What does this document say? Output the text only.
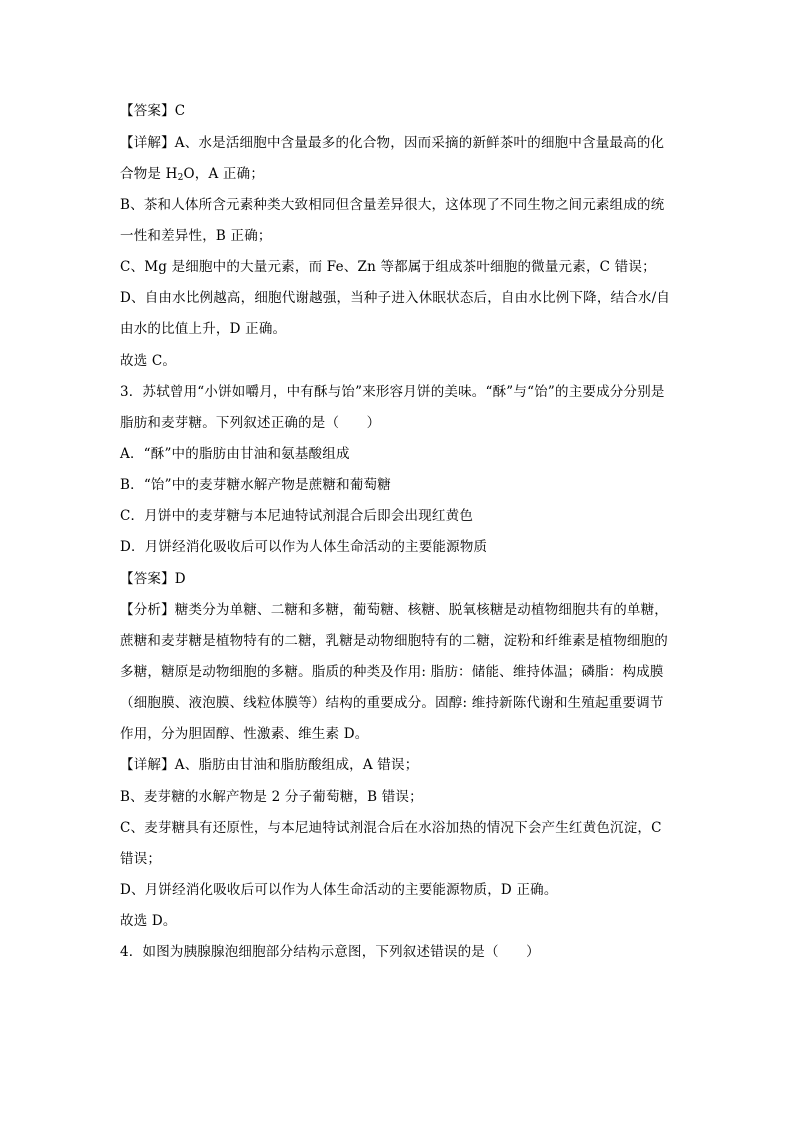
【答案】C
【详解】A、水是活细胞中含量最多的化合物，因而采摘的新鲜茶叶的细胞中含量最高的化
合物是 $H_2O$，A 正确；
B、茶和人体所含元素种类大致相同但含量差异很大，这体现了不同生物之间元素组成的统
一性和差异性，B 正确；
C、Mg 是细胞中的大量元素，而 Fe、Zn 等都属于组成茶叶细胞的微量元素，C 错误；
D、自由水比例越高，细胞代谢越强，当种子进入休眠状态后，自由水比例下降，结合水/自
由水的比值上升，D 正确。
故选 C。
3．苏轼曾用“小饼如嚼月，中有酥与饴”来形容月饼的美味。“酥”与“饴”的主要成分分别是
脂肪和麦芽糖。下列叙述正确的是（　　）
A．“酥”中的脂肪由甘油和氨基酸组成
B．“饴”中的麦芽糖水解产物是蔗糖和葡萄糖
C．月饼中的麦芽糖与本尼迪特试剂混合后即会出现红黄色
D．月饼经消化吸收后可以作为人体生命活动的主要能源物质
【答案】D
【分析】糖类分为单糖、二糖和多糖，葡萄糖、核糖、脱氧核糖是动植物细胞共有的单糖，
蔗糖和麦芽糖是植物特有的二糖，乳糖是动物细胞特有的二糖，淀粉和纤维素是植物细胞的
多糖，糖原是动物细胞的多糖。脂质的种类及作用: 脂肪：储能、维持体温；磷脂：构成膜
（细胞膜、液泡膜、线粒体膜等）结构的重要成分。固醇: 维持新陈代谢和生殖起重要调节
作用，分为胆固醇、性激素、维生素 D。
【详解】A、脂肪由甘油和脂肪酸组成，A 错误；
B、麦芽糖的水解产物是 2 分子葡萄糖，B 错误；
C、麦芽糖具有还原性，与本尼迪特试剂混合后在水浴加热的情况下会产生红黄色沉淀，C
错误；
D、月饼经消化吸收后可以作为人体生命活动的主要能源物质，D 正确。
故选 D。
4．如图为胰腺腺泡细胞部分结构示意图，下列叙述错误的是（　　）
